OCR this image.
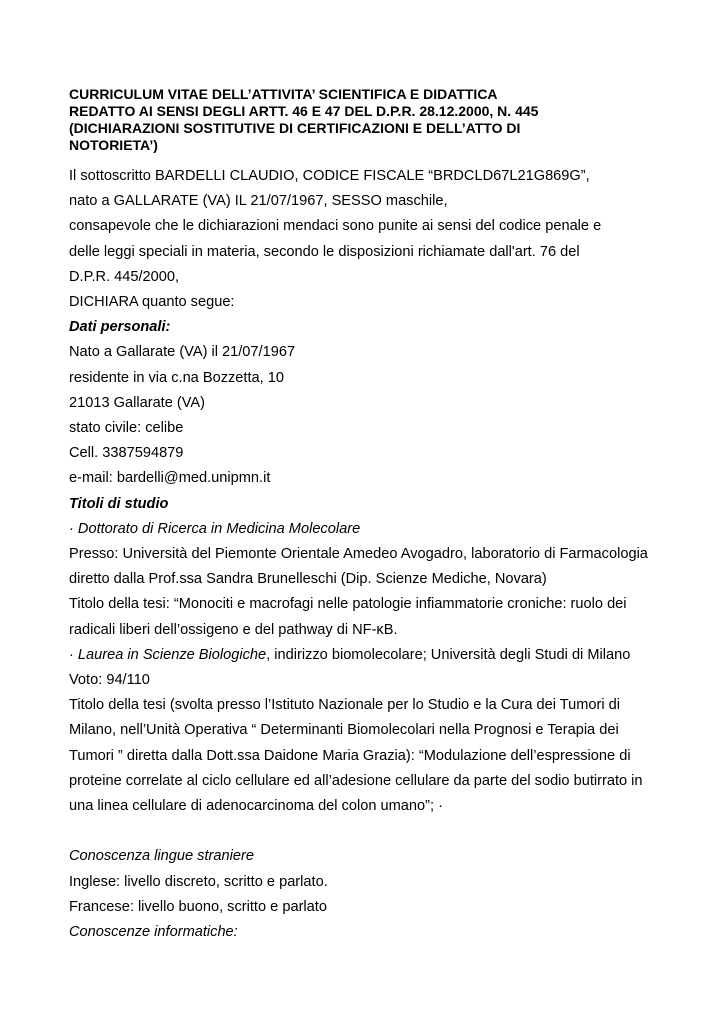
CURRICULUM VITAE DELL’ATTIVITA’ SCIENTIFICA E DIDATTICA
REDATTO AI SENSI DEGLI ARTT. 46 E 47 DEL D.P.R. 28.12.2000, N. 445
(DICHIARAZIONI SOSTITUTIVE DI CERTIFICAZIONI E DELL’ATTO DI
NOTORIETA’)
Il sottoscritto BARDELLI CLAUDIO, CODICE FISCALE “BRDCLD67L21G869G”,
nato a GALLARATE (VA) IL 21/07/1967, SESSO maschile,
consapevole che le dichiarazioni mendaci sono punite ai sensi del codice penale e
delle leggi speciali in materia, secondo le disposizioni richiamate dall'art. 76 del
D.P.R. 445/2000,
DICHIARA quanto segue:
Dati personali:
Nato a Gallarate (VA) il 21/07/1967
residente in via c.na Bozzetta, 10
21013 Gallarate (VA)
stato civile: celibe
Cell. 3387594879
e-mail: bardelli@med.unipmn.it
Titoli di studio
· Dottorato di Ricerca in Medicina Molecolare
Presso: Università del Piemonte Orientale Amedeo Avogadro, laboratorio di Farmacologia
diretto dalla Prof.ssa Sandra Brunelleschi (Dip. Scienze Mediche, Novara)
Titolo della tesi: “Monociti e macrofagi nelle patologie infiammatorie croniche: ruolo dei
radicali liberi dell’ossigeno e del pathway di NF-κB.
· Laurea in Scienze Biologiche, indirizzo biomolecolare; Università degli Studi di Milano
Voto: 94/110
Titolo della tesi (svolta presso l’Istituto Nazionale per lo Studio e la Cura dei Tumori di
Milano, nell’Unità Operativa “ Determinanti Biomolecolari nella Prognosi e Terapia dei
Tumori ” diretta dalla Dott.ssa Daidone Maria Grazia): “Modulazione dell’espressione di
proteine correlate al ciclo cellulare ed all’adesione cellulare da parte del sodio butirrato in
una linea cellulare di adenocarcinoma del colon umano”; ·
Conoscenza lingue straniere
Inglese: livello discreto, scritto e parlato.
Francese: livello buono, scritto e parlato
Conoscenze informatiche:
